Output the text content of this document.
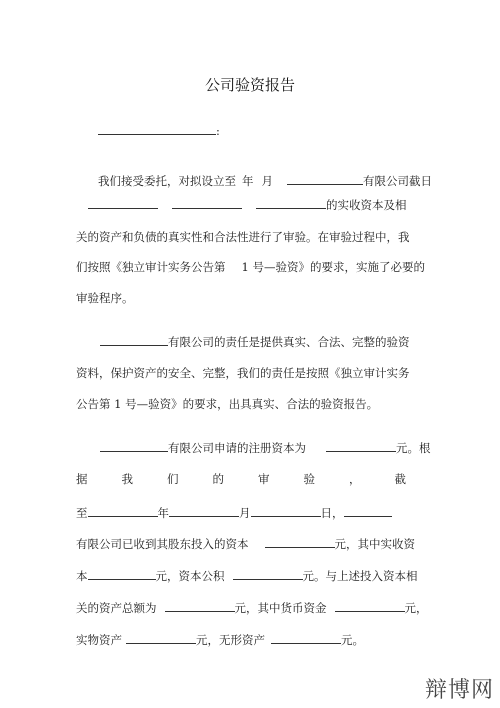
公司验资报告
:
我们接受委托，对拟设立至 年 月	有限公司截日
的实收资本及相
关的资产和负债的真实性和合法性进行了审验。在审验过程中，我
们按照《独立审计实务公告第 1 号—验资》的要求，实施了必要的
审验程序。
有限公司的责任是提供真实、合法、完整的验资
资料，保护资产的安全、完整，我们的责任是按照《独立审计实务
公告第 1 号—验资》的要求，出具真实、合法的验资报告。
有限公司申请的注册资本为	元。根
据	我	们	的	审	验	，	截
至	年	月	日，
有限公司已收到其股东投入的资本	元，其中实收资
本	元，资本公积	元。与上述投入资本相
关的资产总额为	元，其中货币资金	元，
实物资产	元，无形资产	元。
辩博网
